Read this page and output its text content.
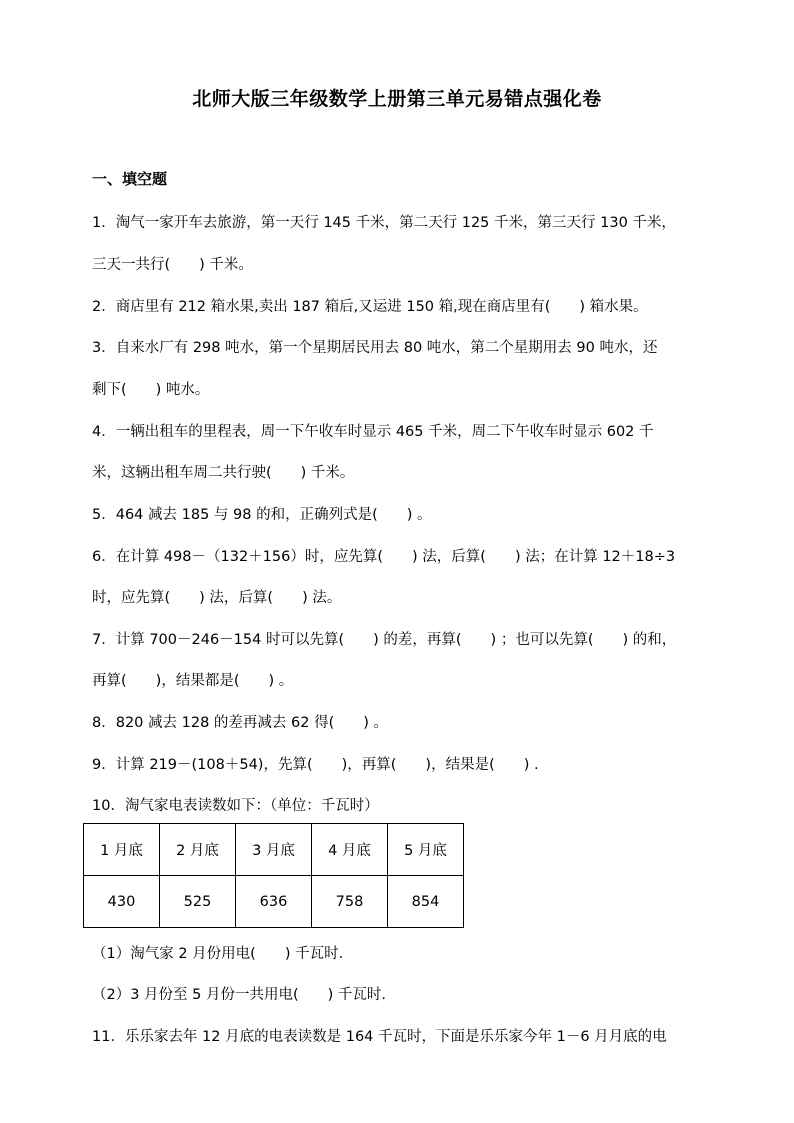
北师大版三年级数学上册第三单元易错点强化卷
一、填空题
1．淘气一家开车去旅游，第一天行 145 千米，第二天行 125 千米，第三天行 130 千米，
三天一共行(　　) 千米。
2．商店里有 212 箱水果,卖出 187 箱后,又运进 150 箱,现在商店里有(　　) 箱水果。
3．自来水厂有 298 吨水，第一个星期居民用去 80 吨水，第二个星期用去 90 吨水，还
剩下(　　) 吨水。
4．一辆出租车的里程表，周一下午收车时显示 465 千米，周二下午收车时显示 602 千
米，这辆出租车周二共行驶(　　) 千米。
5．464 减去 185 与 98 的和，正确列式是(　　) 。
6．在计算 498－（132＋156）时，应先算(　　) 法，后算(　　) 法；在计算 12＋18÷3
时，应先算(　　) 法，后算(　　) 法。
7．计算 700－246－154 时可以先算(　　) 的差，再算(　　) ；也可以先算(　　) 的和，
再算(　　)，结果都是(　　) 。
8．820 减去 128 的差再减去 62 得(　　) 。
9．计算 219－(108＋54)，先算(　　)，再算(　　)，结果是(　　) .
10．淘气家电表读数如下：（单位：千瓦时）
1 月底	2 月底	3 月底	4 月底	5 月底
430	525	636	758	854
（1）淘气家 2 月份用电(　　) 千瓦时.
（2）3 月份至 5 月份一共用电(　　) 千瓦时.
11．乐乐家去年 12 月底的电表读数是 164 千瓦时，下面是乐乐家今年 1－6 月月底的电
